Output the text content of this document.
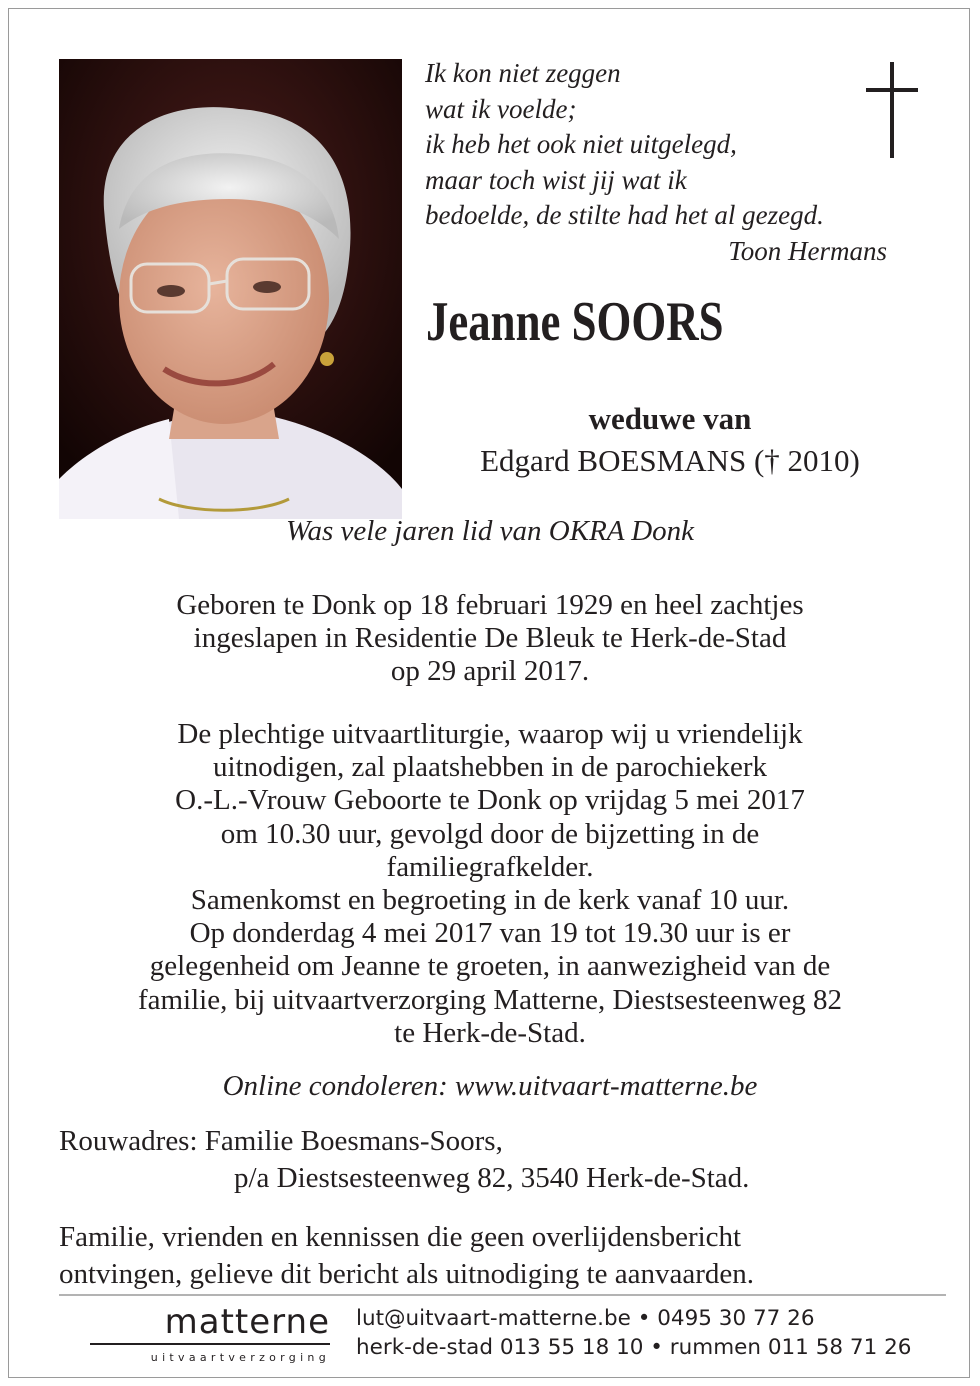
Ik kon niet zeggen
wat ik voelde;
ik heb het ook niet uitgelegd,
maar toch wist jij wat ik
bedoelde, de stilte had het al gezegd.
Toon Hermans
Jeanne SOORS
weduwe van
Edgard BOESMANS († 2010)
Was vele jaren lid van OKRA Donk
Geboren te Donk op 18 februari 1929 en heel zachtjes
ingeslapen in Residentie De Bleuk te Herk-de-Stad
op 29 april 2017.
De plechtige uitvaartliturgie, waarop wij u vriendelijk
uitnodigen, zal plaatshebben in de parochiekerk
O.-L.-Vrouw Geboorte te Donk op vrijdag 5 mei 2017
om 10.30 uur, gevolgd door de bijzetting in de
familiegrafkelder.
Samenkomst en begroeting in de kerk vanaf 10 uur.
Op donderdag 4 mei 2017 van 19 tot 19.30 uur is er
gelegenheid om Jeanne te groeten, in aanwezigheid van de
familie, bij uitvaartverzorging Matterne, Diestsesteenweg 82
te Herk-de-Stad.
Online condoleren: www.uitvaart-matterne.be
Rouwadres: Familie Boesmans-Soors,
p/a Diestsesteenweg 82, 3540 Herk-de-Stad.
Familie, vrienden en kennissen die geen overlijdensbericht
ontvingen, gelieve dit bericht als uitnodiging te aanvaarden.
matterne
uitvaartverzorging
lut@uitvaart-matterne.be • 0495 30 77 26
herk-de-stad 013 55 18 10 • rummen 011 58 71 26
